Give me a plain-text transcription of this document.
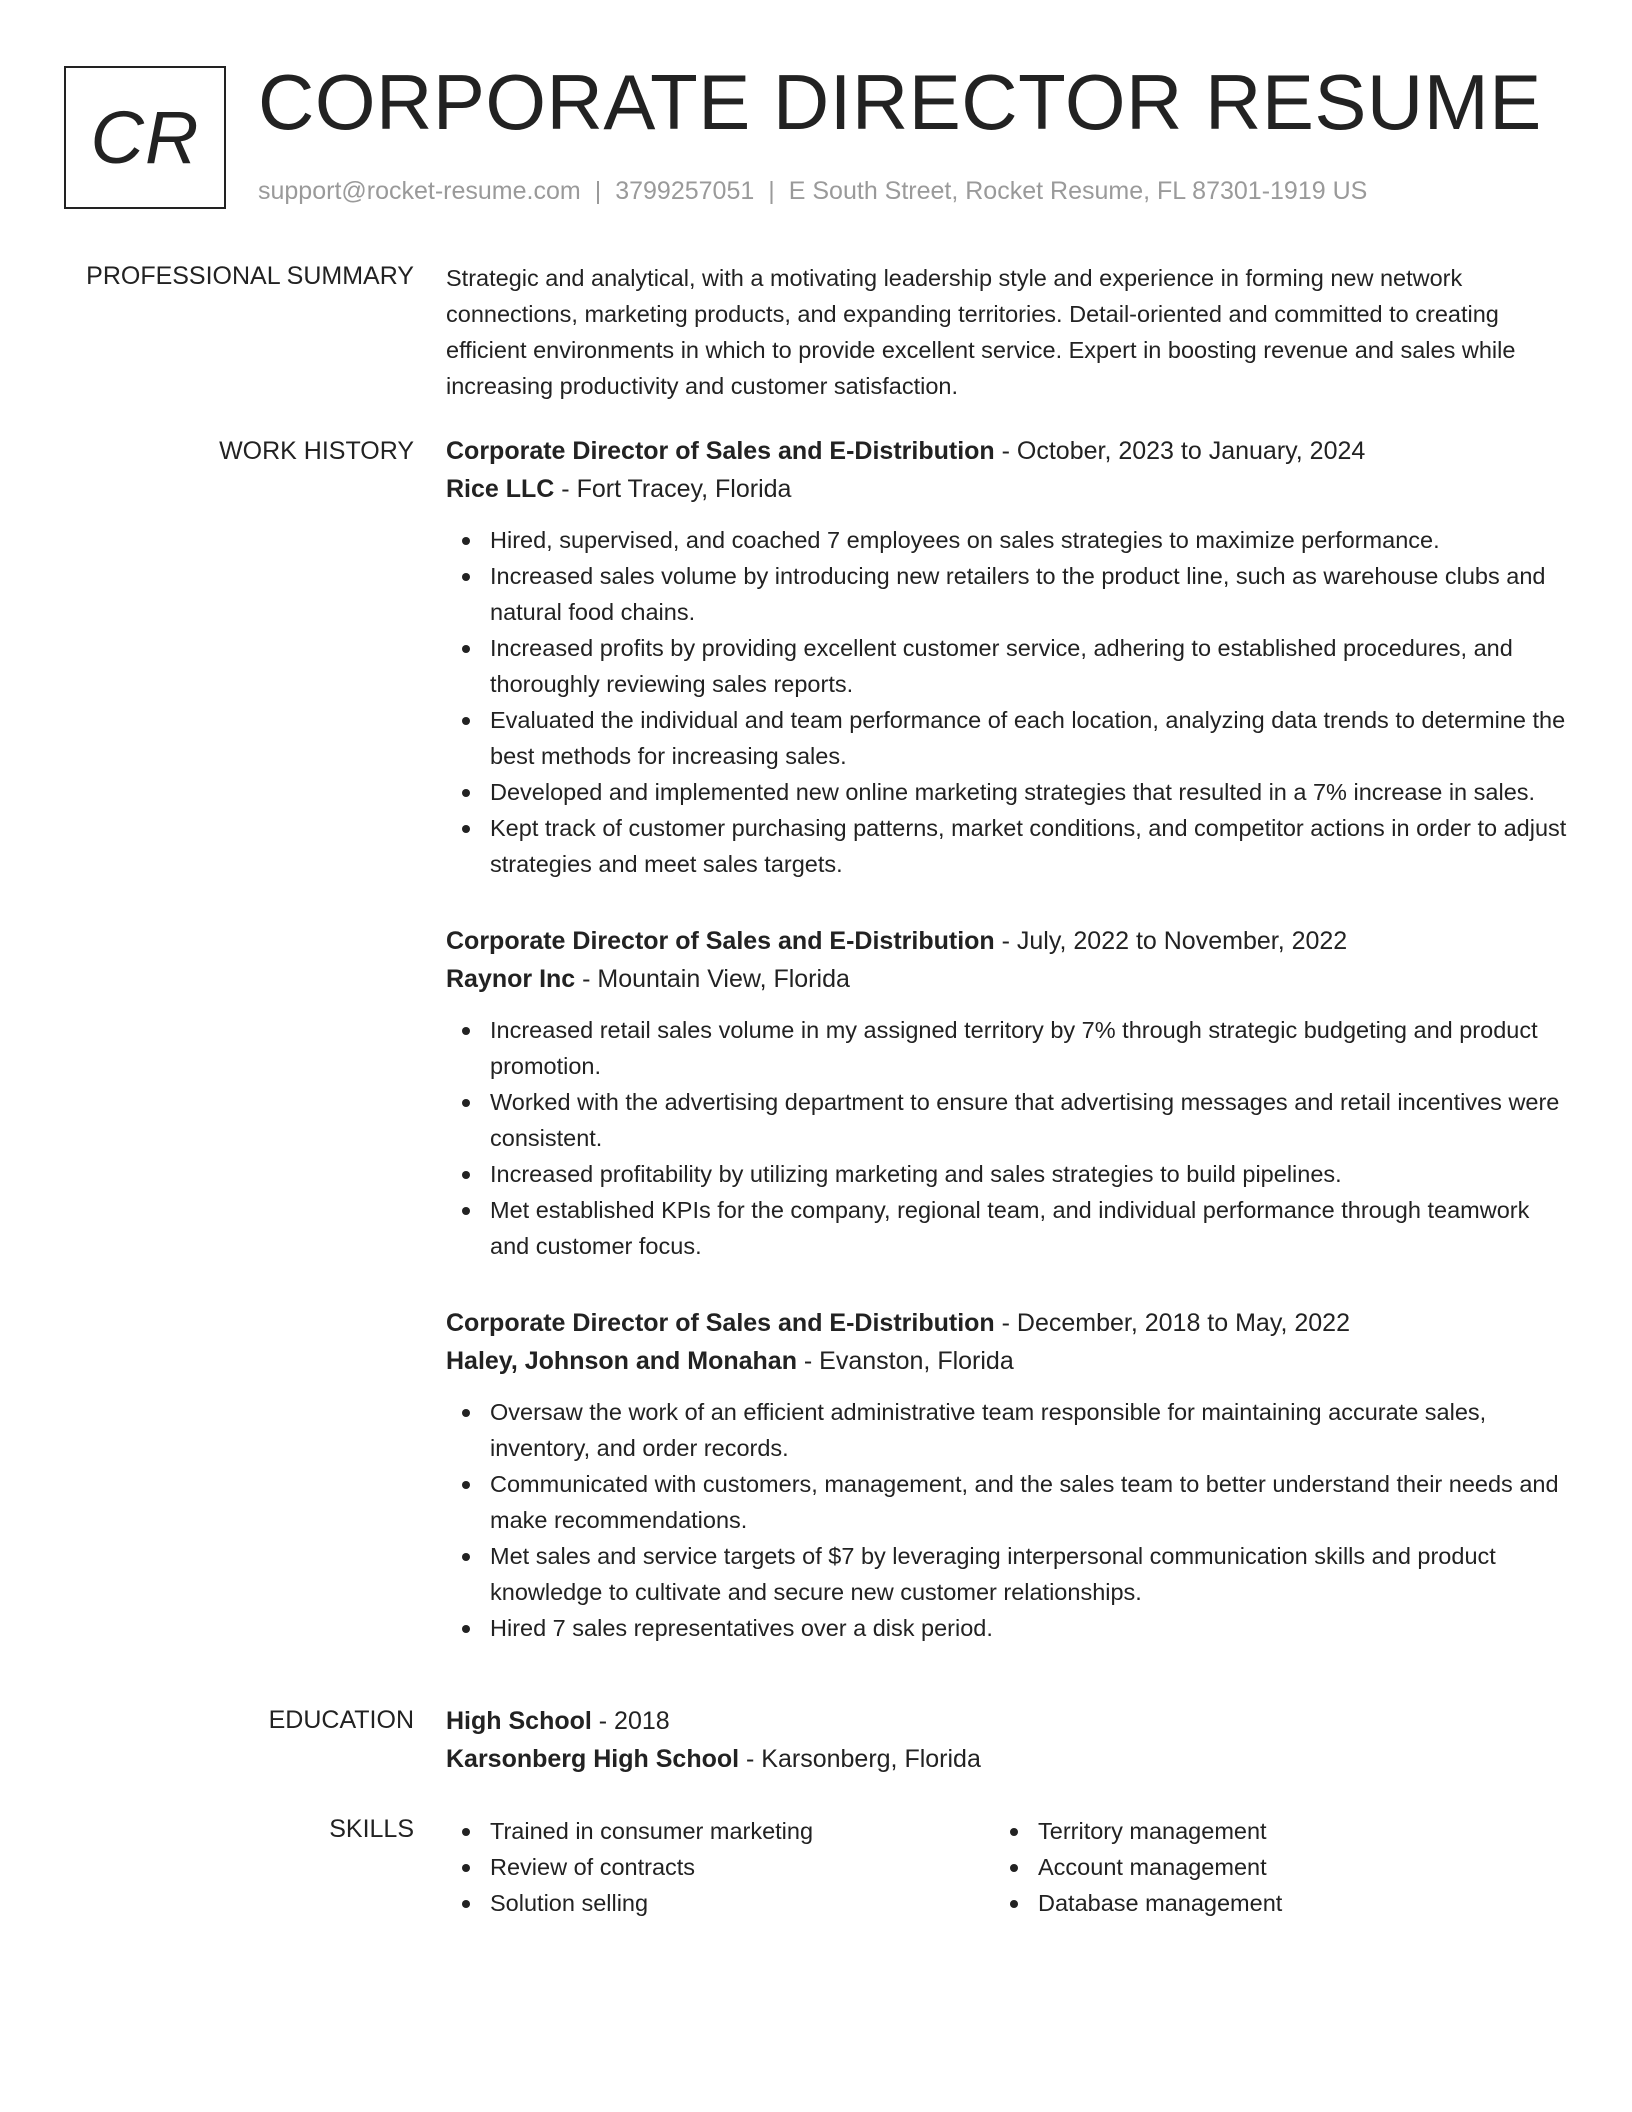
CR CORPORATE DIRECTOR RESUME
support@rocket-resume.com | 3799257051 | E South Street, Rocket Resume, FL 87301-1919 US
PROFESSIONAL SUMMARY Strategic and analytical, with a motivating leadership style and experience in forming new network connections, marketing products, and expanding territories. Detail-oriented and committed to creating efficient environments in which to provide excellent service. Expert in boosting revenue and sales while increasing productivity and customer satisfaction.
WORK HISTORY Corporate Director of Sales and E-Distribution - October, 2023 to January, 2024
Rice LLC - Fort Tracey, Florida
Hired, supervised, and coached 7 employees on sales strategies to maximize performance.
Increased sales volume by introducing new retailers to the product line, such as warehouse clubs and natural food chains.
Increased profits by providing excellent customer service, adhering to established procedures, and thoroughly reviewing sales reports.
Evaluated the individual and team performance of each location, analyzing data trends to determine the best methods for increasing sales.
Developed and implemented new online marketing strategies that resulted in a 7% increase in sales.
Kept track of customer purchasing patterns, market conditions, and competitor actions in order to adjust strategies and meet sales targets.
Corporate Director of Sales and E-Distribution - July, 2022 to November, 2022
Raynor Inc - Mountain View, Florida
Increased retail sales volume in my assigned territory by 7% through strategic budgeting and product promotion.
Worked with the advertising department to ensure that advertising messages and retail incentives were consistent.
Increased profitability by utilizing marketing and sales strategies to build pipelines.
Met established KPIs for the company, regional team, and individual performance through teamwork and customer focus.
Corporate Director of Sales and E-Distribution - December, 2018 to May, 2022
Haley, Johnson and Monahan - Evanston, Florida
Oversaw the work of an efficient administrative team responsible for maintaining accurate sales, inventory, and order records.
Communicated with customers, management, and the sales team to better understand their needs and make recommendations.
Met sales and service targets of $7 by leveraging interpersonal communication skills and product knowledge to cultivate and secure new customer relationships.
Hired 7 sales representatives over a disk period.
EDUCATION High School - 2018
Karsonberg High School - Karsonberg, Florida
SKILLS	Trained in consumer marketing
Review of contracts
Solution selling
Territory management
Account management
Database management
